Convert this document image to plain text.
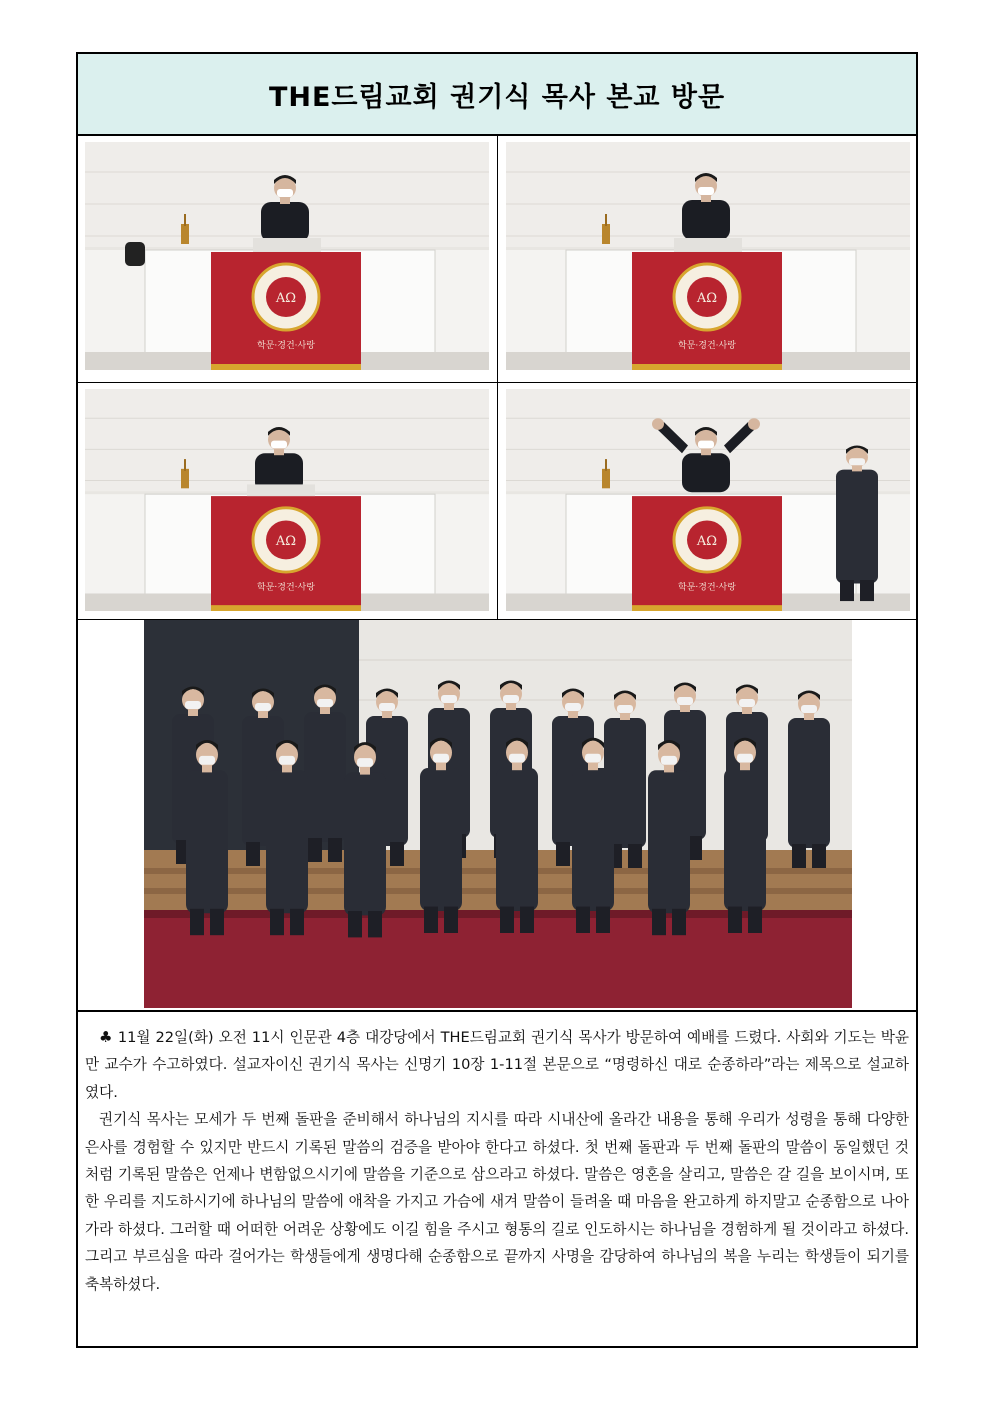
THE드림교회 권기식 목사 본교 방문

♣ 11월 22일(화) 오전 11시 인문관 4층 대강당에서 THE드림교회 권기식 목사가 방문하여 예배를 드렸다. 사회와 기도는 박윤만 교수가 수고하였다. 설교자이신 권기식 목사는 신명기 10장 1-11절 본문으로 “명령하신 대로 순종하라”라는 제목으로 설교하였다.

권기식 목사는 모세가 두 번째 돌판을 준비해서 하나님의 지시를 따라 시내산에 올라간 내용을 통해 우리가 성령을 통해 다양한 은사를 경험할 수 있지만 반드시 기록된 말씀의 검증을 받아야 한다고 하셨다. 첫 번째 돌판과 두 번째 돌판의 말씀이 동일했던 것처럼 기록된 말씀은 언제나 변함없으시기에 말씀을 기준으로 삼으라고 하셨다. 말씀은 영혼을 살리고, 말씀은 갈 길을 보이시며, 또한 우리를 지도하시기에 하나님의 말씀에 애착을 가지고 가슴에 새겨 말씀이 들려올 때 마음을 완고하게 하지말고 순종함으로 나아가라 하셨다. 그러할 때 어떠한 어려운 상황에도 이길 힘을 주시고 형통의 길로 인도하시는 하나님을 경험하게 될 것이라고 하셨다. 그리고 부르심을 따라 걸어가는 학생들에게 생명다해 순종함으로 끝까지 사명을 감당하여 하나님의 복을 누리는 학생들이 되기를 축복하셨다.
